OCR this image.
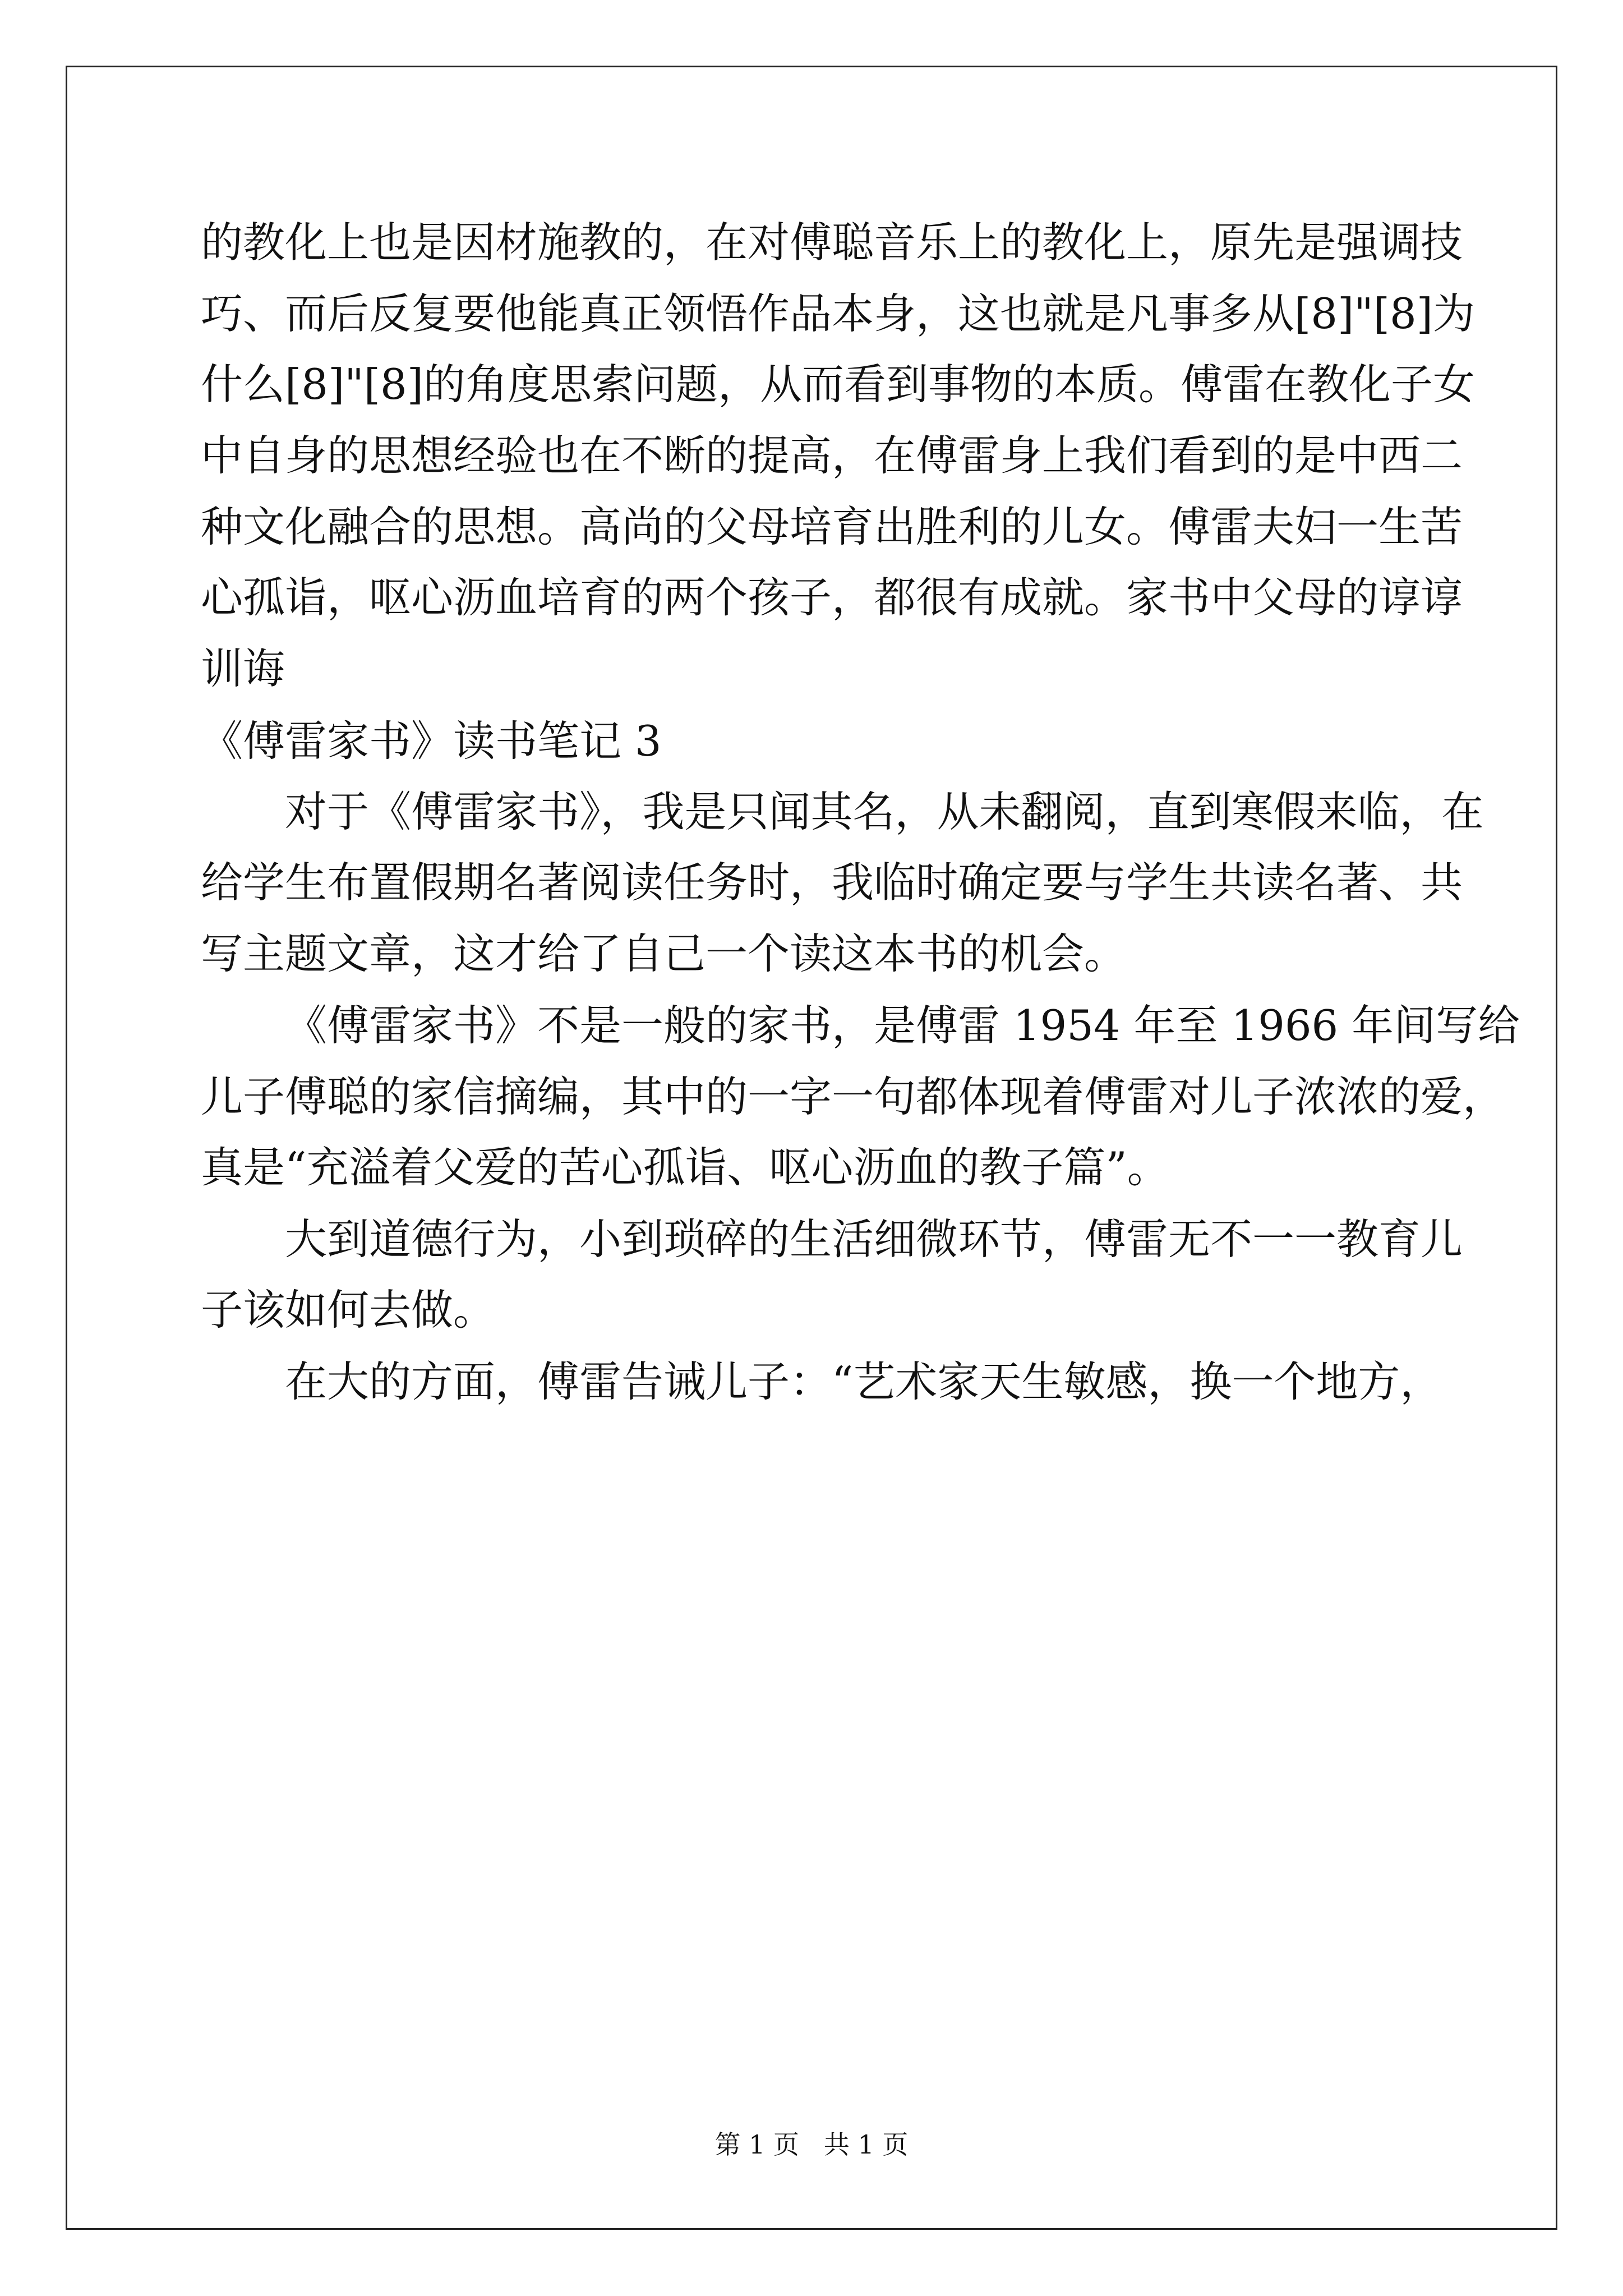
的教化上也是因材施教的，在对傅聪音乐上的教化上，原先是强调技

巧、而后反复要他能真正领悟作品本身，这也就是凡事多从[8]"[8]为

什么[8]"[8]的角度思索问题，从而看到事物的本质。傅雷在教化子女

中自身的思想经验也在不断的提高，在傅雷身上我们看到的是中西二

种文化融合的思想。高尚的父母培育出胜利的儿女。傅雷夫妇一生苦

心孤诣，呕心沥血培育的两个孩子，都很有成就。家书中父母的谆谆

训诲

《傅雷家书》读书笔记 3

对于《傅雷家书》，我是只闻其名，从未翻阅，直到寒假来临，在

给学生布置假期名著阅读任务时，我临时确定要与学生共读名著、共

写主题文章，这才给了自己一个读这本书的机会。

《傅雷家书》不是一般的家书，是傅雷 1954 年至 1966 年间写给

儿子傅聪的家信摘编，其中的一字一句都体现着傅雷对儿子浓浓的爱，

真是“充溢着父爱的苦心孤诣、呕心沥血的教子篇”。

大到道德行为，小到琐碎的生活细微环节，傅雷无不一一教育儿

子该如何去做。

在大的方面，傅雷告诫儿子：“艺术家天生敏感，换一个地方，

第 1 页   共 1 页
